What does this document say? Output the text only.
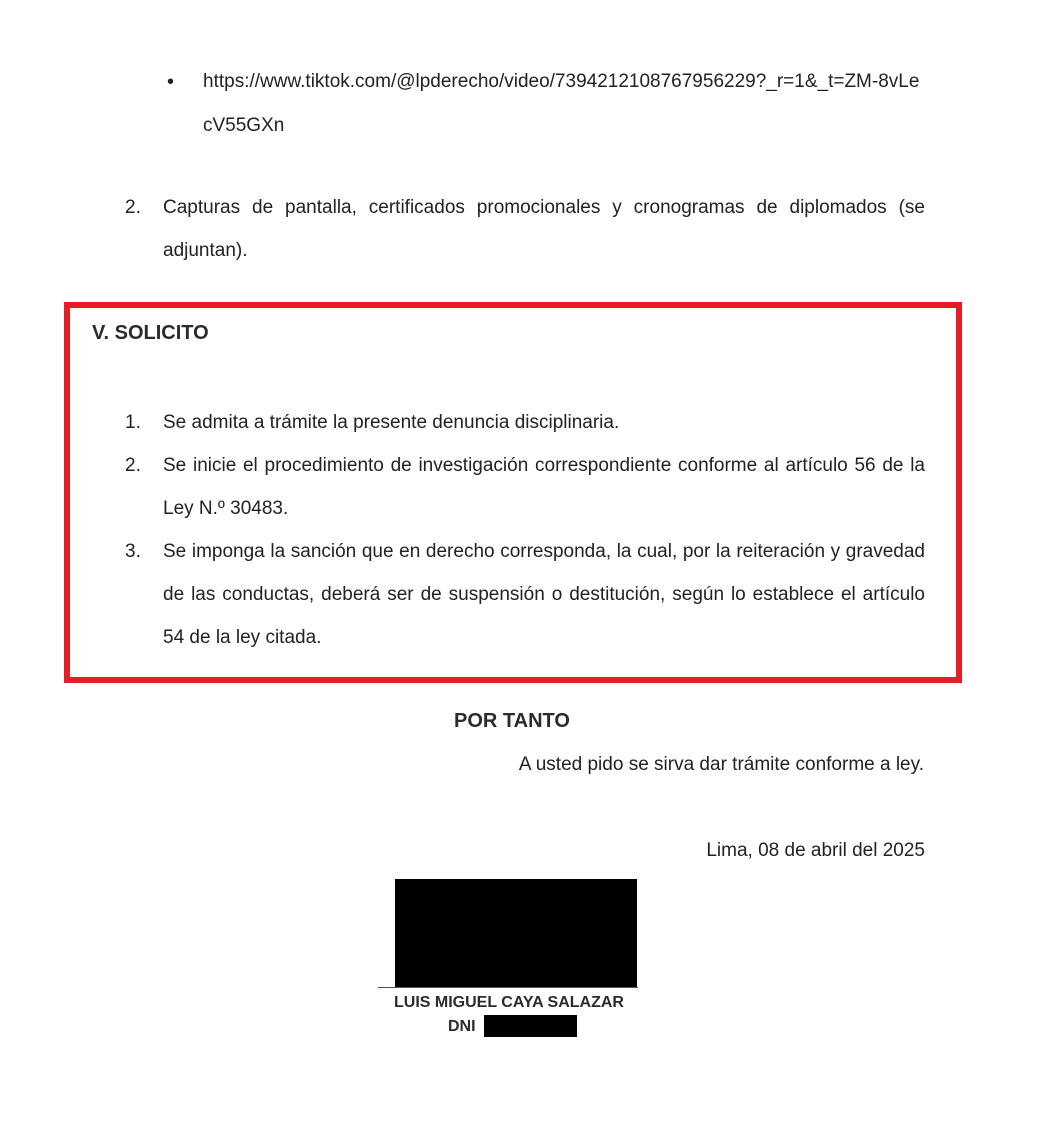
• https://www.tiktok.com/@lpderecho/video/7394212108767956229?_r=1&_t=ZM-8vLecV55GXn
2.	Capturas de pantalla, certificados promocionales y cronogramas de diplomados (se adjuntan).
V. SOLICITO
1.	Se admita a trámite la presente denuncia disciplinaria.
2.	Se inicie el procedimiento de investigación correspondiente conforme al artículo 56 de la Ley N.º 30483.
3.	Se imponga la sanción que en derecho corresponda, la cual, por la reiteración y gravedad de las conductas, deberá ser de suspensión o destitución, según lo establece el artículo 54 de la ley citada.
POR TANTO
A usted pido se sirva dar trámite conforme a ley.
Lima, 08 de abril del 2025
LUIS MIGUEL CAYA SALAZAR
DNI
